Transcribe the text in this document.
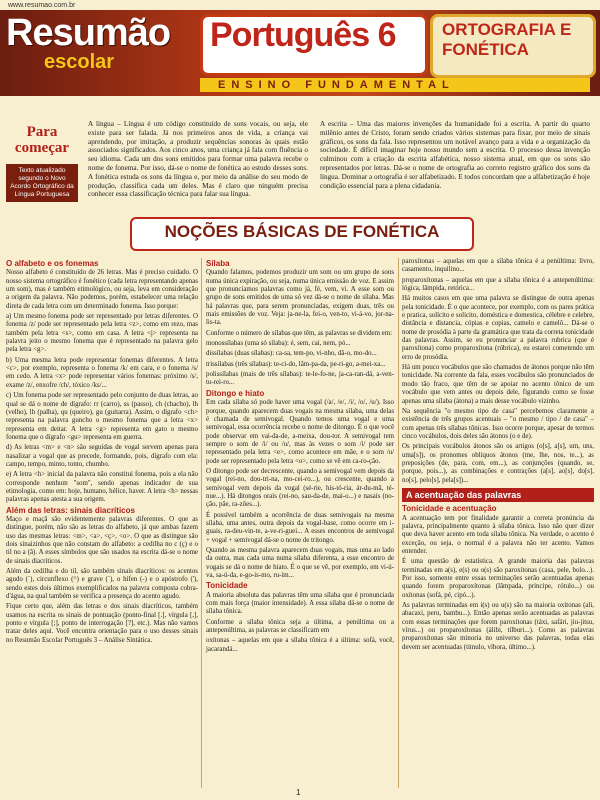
www.resumao.com.br
Resumão
escolar
Português 6	ORTOGRAFIA E FONÉTICA
ENSINO FUNDAMENTAL
Para começar
Texto atualizado segundo o Novo Acordo Ortográfico da Língua Portuguesa
A língua – Língua é um código constituído de sons vocais, ou seja, ele existe para ser falada. Já nos primeiros anos de vida, a criança vai aprendendo, por imitação, a produzir sequências sonoras às quais estão associados significados. Aos cinco anos, uma criança já fala com fluência o seu idioma. Cada um dos sons emitidos para formar uma palavra recebe o nome de fonema. Por isso, dá-se o nome de fonética ao estudo desses sons. A fonética estuda os sons da língua e, por meio da análise do seu modo de produção, classifica cada um deles. Mas é claro que ninguém precisa conhecer essa classificação técnica para falar sua língua.
A escrita – Uma das maiores invenções da humanidade foi a escrita. A partir do quarto milênio antes de Cristo, foram sendo criados vários sistemas para fixar, por meio de sinais gráficos, os sons da fala. Isso representou um notável avanço para a vida e a organização da sociedade. É difícil imaginar hoje nosso mundo sem a escrita. O processo dessa invenção culminou com a criação da escrita alfabética, nosso sistema atual, em que os sons são representados por letras. Dá-se o nome de ortografia ao correto registro gráfico dos sons da língua. Dominar a ortografia é ser alfabetizado. E todos concordam que a alfabetização é hoje condição essencial para a plena cidadania.
NOÇÕES BÁSICAS DE FONÉTICA
O alfabeto e os fonemas

Nosso alfabeto é constituído de 26 letras. Mas é preciso cuidado. O nosso sistema ortográfico é fonético (cada letra representando apenas um som), mas é também etimológico, ou seja, leva em consideração a origem da palavra. Não podemos, porém, estabelecer uma relação direta de cada letra com um determinado fonema. Isso porque:

a) Um mesmo fonema pode ser representado por letras diferentes. O fonema /z/ pode ser representado pela letra <z>, como em rezo, mas também pela letra <s>, como em casa. A letra <j> representa na palavra jeito o mesmo fonema que é representado na palavra gelo pela letra <g>.

b) Uma mesma letra pode representar fonemas diferentes. A letra <c>, por exemplo, representa o fonema /k/ em cara, e o fonema /s/ em cedo. A letra <x> pode representar vários fonemas: próximo /s/, exame /z/, enxofre /ch/, tóxico /ks/...

c) Um fonema pode ser representado pelo conjunto de duas letras, ao qual se dá o nome de dígrafo: rr (carro), ss (passo), ch (chacho), lh (velho), lh (palha), qu (queiro), gu (guitarra). Assim, o dígrafo <ch> representa na palavra guncho o mesmo fonema que a letra <x> representa em deitar. A letra <g> representa em gato o mesmo fonema que o dígrafo <gu> representa em guerra.

d) As letras <m> e <n> são seguidas de vogal servem apenas para nasalizar a vogal que as precede, formando, pois, dígrafo com ela: campo, tempo, minto, tonto, chumbo.

e) A letra <h> inicial da palavra não constitui fonema, pois a ela não corresponde nenhum "som", sendo apenas indicador de sua etimologia, como em: hoje, humano, hélice, haver. A letra <h> nessas palavras apenas atesta a sua origem.

Além das letras: sinais diacríticos

Maço e maçã são evidentemente palavras diferentes. O que as distingue, porém, não são as letras do alfabeto, já que ambas fazem uso das mesmas letras: <m>, <a>, <ç>, <o>. O que as distingue são dois sinaizinhos que não constam do alfabeto: a cedilha no c (ç) e o til no a (ã). A esses símbolos que são usados na escrita dá-se o nome de sinais diacríticos.

Além da cedilha e do til, são também sinais diacríticos: os acentos agudo (´), circunflexo (^) e grave (`), o hífen (-) e o apóstrofo ('), sendo estes dois últimos exemplificados na palavra composta cobra-d'água, na qual também se verifica a presença do acento agudo.

Fique certo que, além das letras e dos sinais diacríticos, também usamos na escrita os sinais de pontuação (ponto-final [.], vírgula [,], ponto e vírgula [;], ponto de interrogação [?], etc.). Mas não vamos tratar deles aqui. Você encontra orientação para o uso desses sinais no Resumão Escolar Português 3 – Análise Sintática.

Sílaba

Quando falamos, podemos produzir um som ou um grupo de sons numa única expiração, ou seja, numa única emissão de voz. E assim que pronunciamos palavras como já, fé, vem, vi. A esse som ou grupo de sons emitidos de uma só vez dá-se o nome de sílaba. Mas há palavras que, para serem pronunciadas, exigem duas, três ou mais emissões de voz. Veja: ja-ne-la, fei-o, ven-to, vi-á-vo, jor-na-lis-ta.

Conforme o número de sílabas que têm, as palavras se dividem em:

monossílabas (uma só sílaba): é, sem, cai, nem, pó...

dissílabas (duas sílabas): ca-sa, tem-po, vi-nho, dã-o, mo-do...

trissílabas (três sílabas): te-ci-do, lâm-pa-da, pe-ri-go, a-mei-xa...

polissílabas (mais de três sílabas): te-le-fo-ne, ja-ca-ran-dá, a-ven-tu-rei-ro...

Ditongo e hiato

Em cada sílaba só pode haver uma vogal (/a/, /e/, /i/, /o/, /u/). Isso porque, quando aparecem duas vogais na mesma sílaba, uma delas é chamada de semivogal. Quando temos uma vogal e uma semivogal, essa ocorrência recebe o nome de ditongo. É o que você pode observar em vai-da-de, a-meixa, dou-tor. A semivogal tem sempre o som de /i/ ou /u/, mas às vezes o som /i/ pode ser representado pela letra <e>, como acontece em mãe, e o som /u/ pode ser representado pela letra <o>, como se vê em ca-ro-ção.

O ditongo pode ser decrescente, quando a semivogal vem depois da vogal (rei-no, dou-tri-na, mo-cei-ro...), ou crescente, quando a semivogal vem depois da vogal (sé-rie, his-tó-ria, ár-du-mã, té-nue...). Há ditongos orais (rei-no, sau-da-de, mai-o...) e nasais (no-ção, pãe, ra-zões...).

É possível também a ocorrência de duas semivogais na mesma sílaba, uma antes, outra depois da vogal-base, como ocorre em i-guais, ra-deu-vin-te, a-ve-ri-guei... A esses encontros de semivogal + vogal + semivogal dá-se o nome de tritongo.

Quando as mesma palavra aparecem duas vogais, mas uma ao lado da outra, mas cada uma numa sílaba diferenta, a esse encontro de vogais se dá o nome de hiato. É o que se vê, por exemplo, em vi-ú-va, sa-ú-da, e-go-is-mo, ru-im...

Tonicidade

A maioria absoluta das palavras têm uma sílaba que é pronunciada com mais força (maior intensidade). A essa sílaba dá-se o nome de sílaba tônica.

Conforme a sílaba tônica seja a última, a penúltima ou a antepenúltima, as palavras se classificam em

oxítonas – aquelas em que a sílaba tônica é a última: sofá, você, jacarandá...

paroxítonas – aquelas em que a sílaba tônica é a penúltima: livro, casamento, inquilino...

proparoxítonas – aquelas em que a sílaba tônica é a antepenúltima: lógica, lâmpida, retórica...

Há muitos casos em que uma palavra se distingue de outra apenas pela tonicidade. É o que acontece, por exemplo, com os pares prática e pratica, solícito e solicito, doméstica e domestica, célebre e celebre, distância e distancia, cópias e copias, camelo e camelô... Dá-se o nome de prosódia à parte da gramática que trata da correta tonicidade das palavras. Assim, se eu pronunciar a palavra rubrica (que é paroxítona) como proparoxítona (rúbrica), eu estarei cometendo um erro de prosódia.

Há um pouco vocábulos que são chamados de átonos porque não têm tonicidade. Na corrente da fala, esses vocábulos são pronunciados de modo tão fraco, que têm de se apoiar no acento tônico de um vocábulo que vem antes ou depois dele, figurando como se fosse apenas uma sílaba (átona) a mais desse vocábulo vizinho.

Na sequência "o mesmo tipo de casa" percebemos claramente a existência de três grupos acentuais – "o mesmo / tipo / de casa" – com apenas três sílabas tônicas. Isso ocorre porque, apesar de termos cinco vocábulos, dois deles são átonos (o e de).

Os principais vocábulos átonos são os artigos (o[s], a[s], um, uns, uma[s]), os pronomes oblíquos átonos (me, lhe, nos, te...), as preposições (de, para, com, em...), as conjunções (quando, se, porque, pois...), as combinações e contrações (a[s], ao[s], do[s], no[s], pelo[s], pela[s])...

A acentuação das palavras
Tonicidade e acentuação

A acentuação tem por finalidade garantir a correta pronúncia da palavra, principalmente quanto à sílaba tônica. Isso não quer dizer que deva haver acento em toda sílaba tônica. Na verdade, o acento é exceção, ou seja, o normal é a palavra não ter acento. Vamos entender.

É uma questão de estatística. A grande maioria das palavras terminadas em a(s), e(s) ou o(s) são paroxítonas (casa, pele, bolo...). Por isso, somente entre essas terminações serão acentuadas apenas quando forem proparoxítonas (lâmpada, principe, rótulo...) ou oxítonas (sofá, pé, cipó...).

As palavras terminadas em i(s) ou u(s) são na maioria oxítonas (ali, abacaxi, peru, bambu...). Então apenas serão acentuadas as palavras com essas terminações que forem paroxítonas (táxi, safári, jiu-jitsu, vírus...) ou proparoxítonas (álibi, tílburi...). Como as palavras proparoxítonas são minoria no universo das palavras, todas elas devem ser acentuadas (tímulo, víbora, último...).

1
